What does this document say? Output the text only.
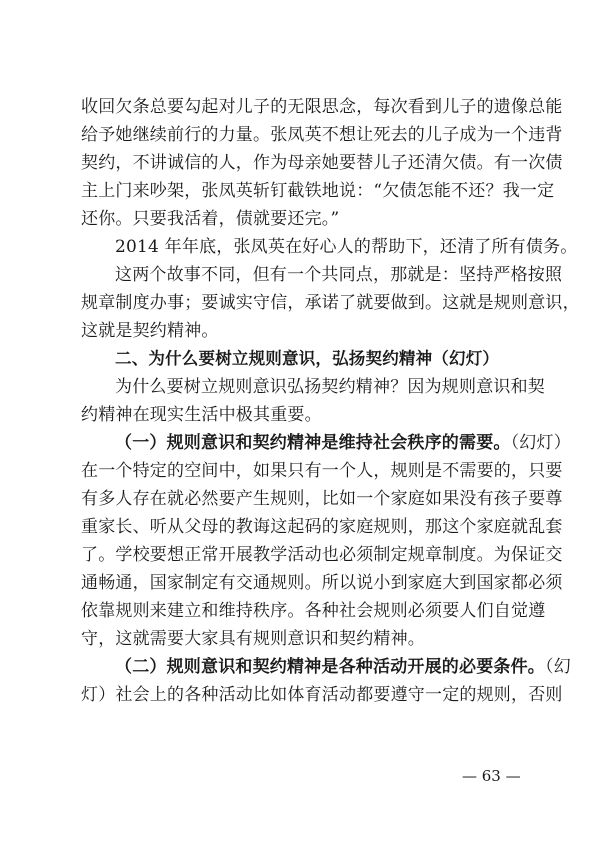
收回欠条总要勾起对儿子的无限思念，每次看到儿子的遗像总能
给予她继续前行的力量。张凤英不想让死去的儿子成为一个违背
契约，不讲诚信的人，作为母亲她要替儿子还清欠债。有一次债
主上门来吵架，张凤英斩钉截铁地说：“欠债怎能不还？我一定
还你。只要我活着，债就要还完。”
2014 年年底，张凤英在好心人的帮助下，还清了所有债务。
这两个故事不同，但有一个共同点，那就是：坚持严格按照
规章制度办事；要诚实守信，承诺了就要做到。这就是规则意识，
这就是契约精神。
二、为什么要树立规则意识，弘扬契约精神（幻灯）
为什么要树立规则意识弘扬契约精神？因为规则意识和契
约精神在现实生活中极其重要。
（一）规则意识和契约精神是维持社会秩序的需要。（幻灯）
在一个特定的空间中，如果只有一个人，规则是不需要的，只要
有多人存在就必然要产生规则，比如一个家庭如果没有孩子要尊
重家长、听从父母的教诲这起码的家庭规则，那这个家庭就乱套
了。学校要想正常开展教学活动也必须制定规章制度。为保证交
通畅通，国家制定有交通规则。所以说小到家庭大到国家都必须
依靠规则来建立和维持秩序。各种社会规则必须要人们自觉遵
守，这就需要大家具有规则意识和契约精神。
（二）规则意识和契约精神是各种活动开展的必要条件。（幻
灯）社会上的各种活动比如体育活动都要遵守一定的规则，否则
— 63 —
